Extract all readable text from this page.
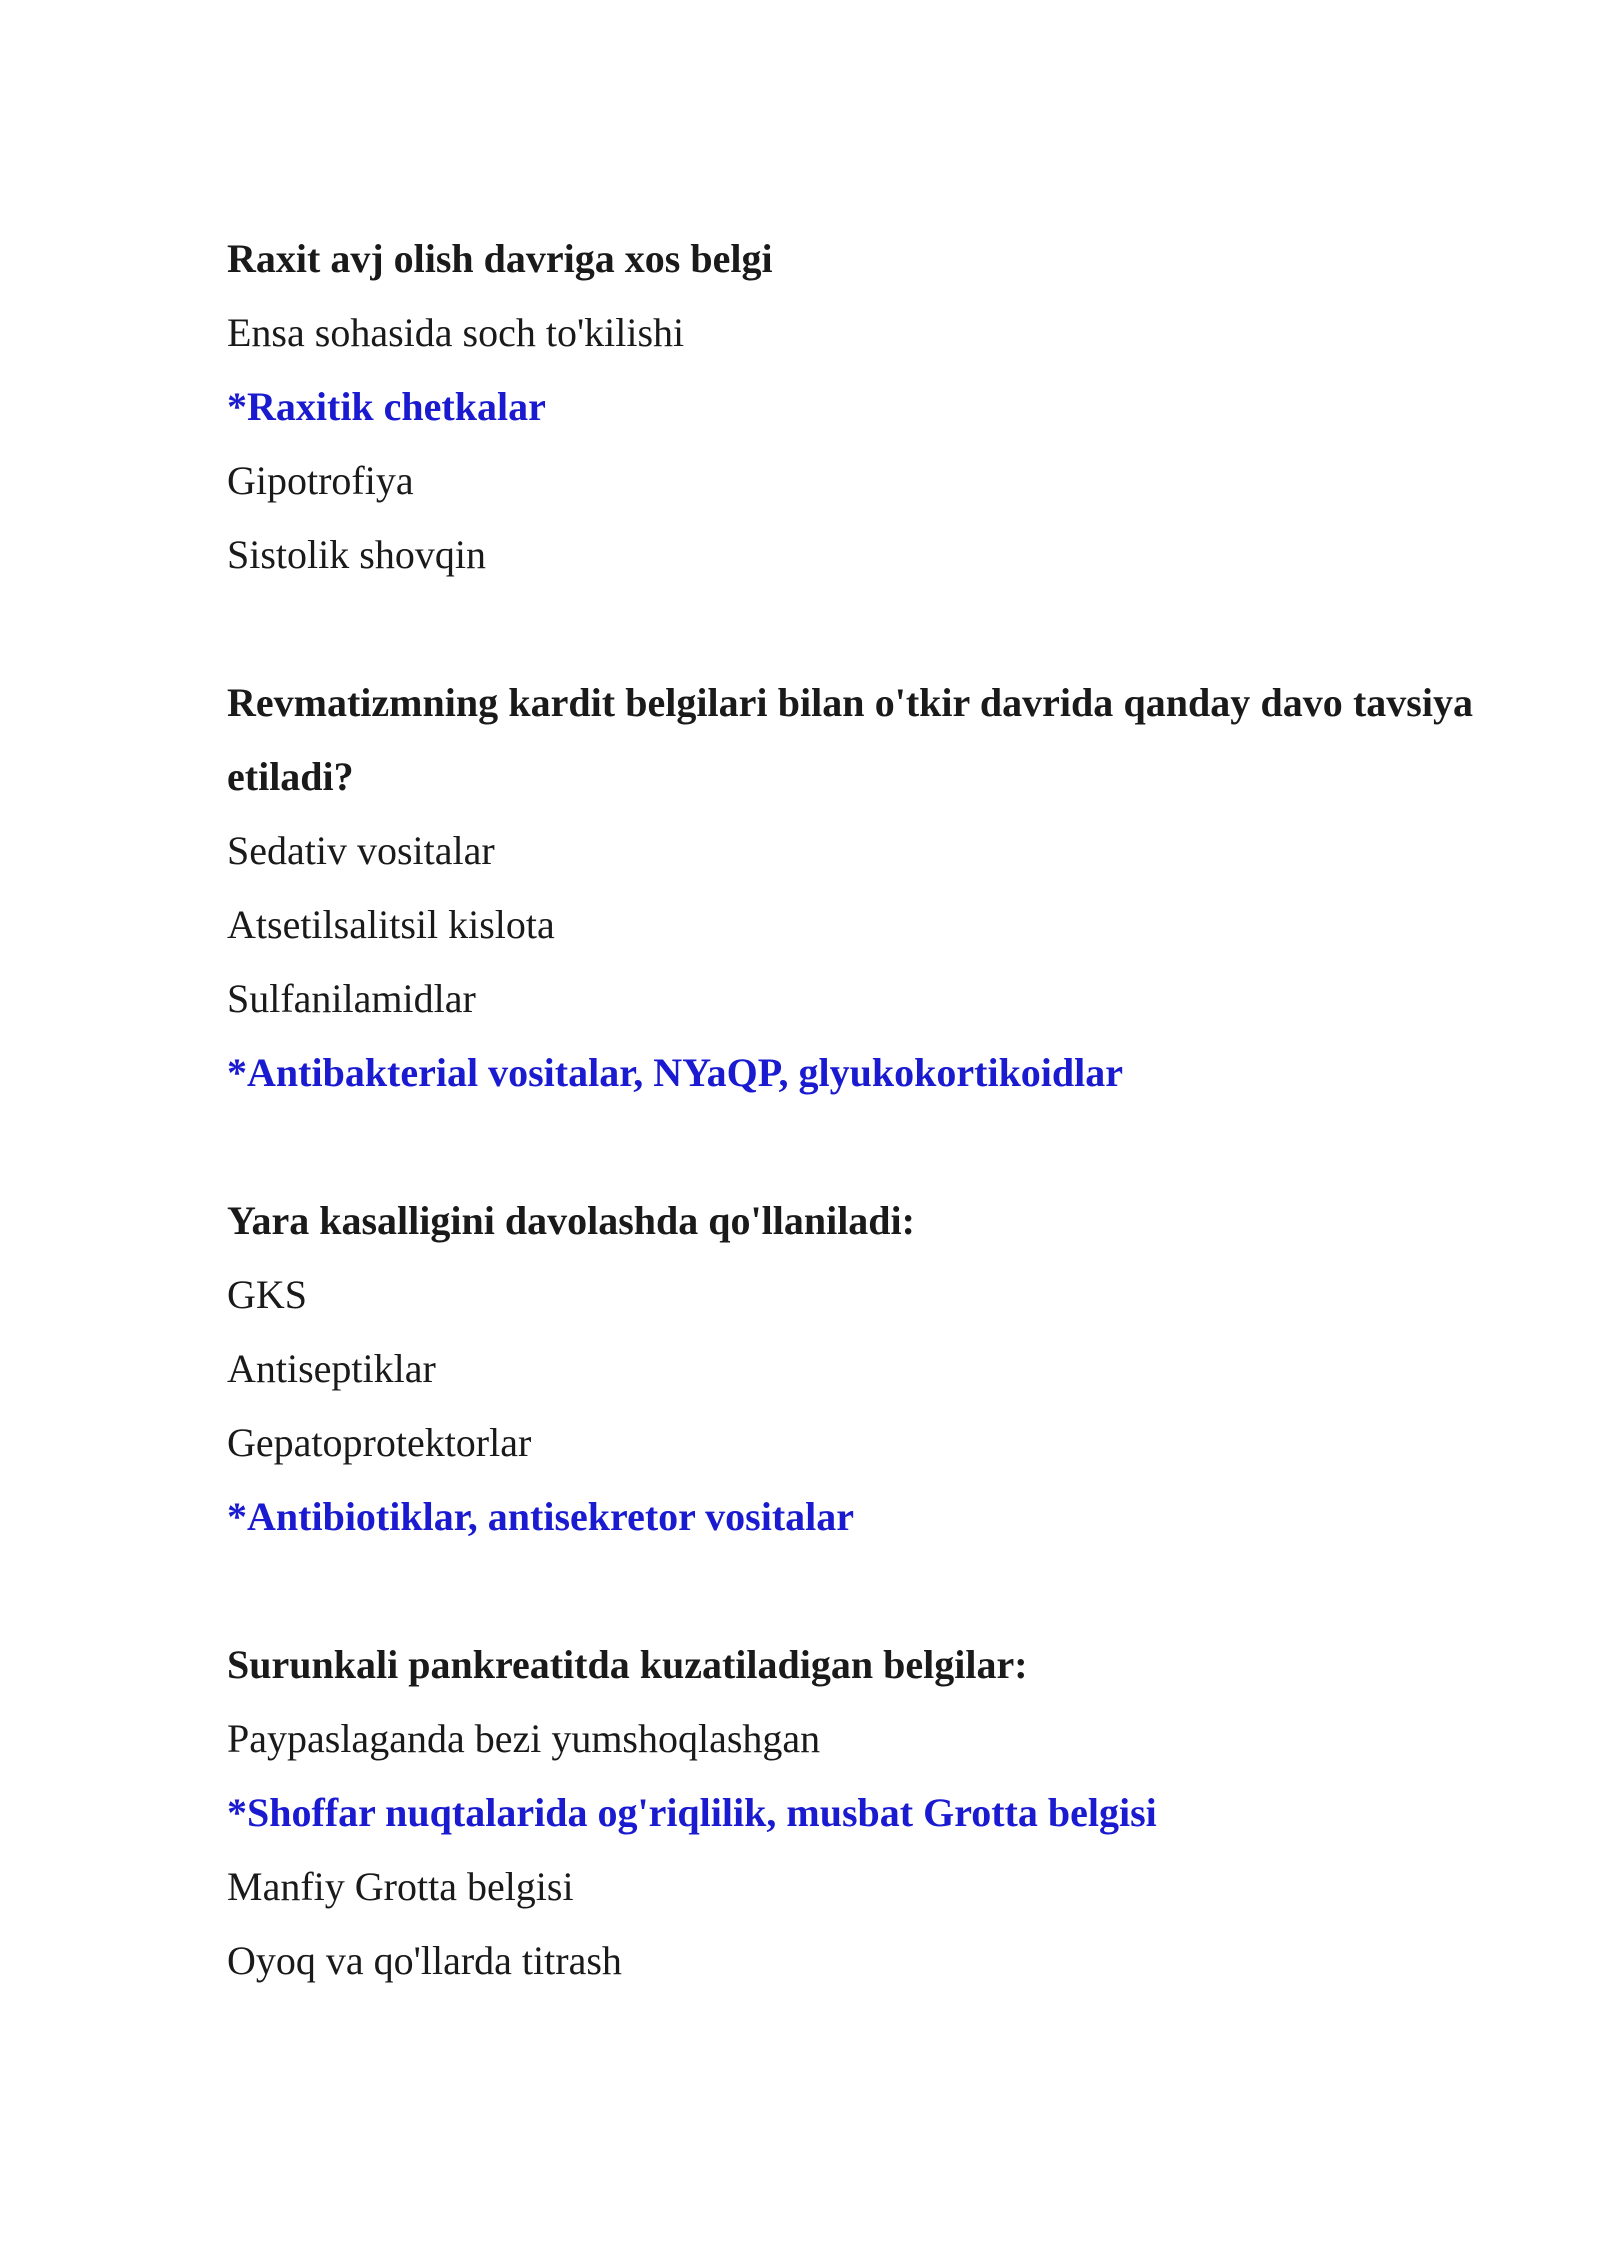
Raxit avj olish davriga xos belgi

Ensa sohasida soch to'kilishi

*Raxitik chetkalar

Gipotrofiya

Sistolik shovqin

Revmatizmning kardit belgilari bilan o'tkir davrida qanday davo tavsiya etiladi?

Sedativ vositalar

Atsetilsalitsil kislota

Sulfanilamidlar

*Antibakterial vositalar, NYaQP, glyukokortikoidlar

Yara kasalligini davolashda qo'llaniladi:

GKS

Antiseptiklar

Gepatoprotektorlar

*Antibiotiklar, antisekretor vositalar

Surunkali pankreatitda kuzatiladigan belgilar:

Paypaslaganda bezi yumshoqlashgan

*Shoffar nuqtalarida og'riqlilik, musbat Grotta belgisi

Manfiy Grotta belgisi

Oyoq va qo'llarda titrash
